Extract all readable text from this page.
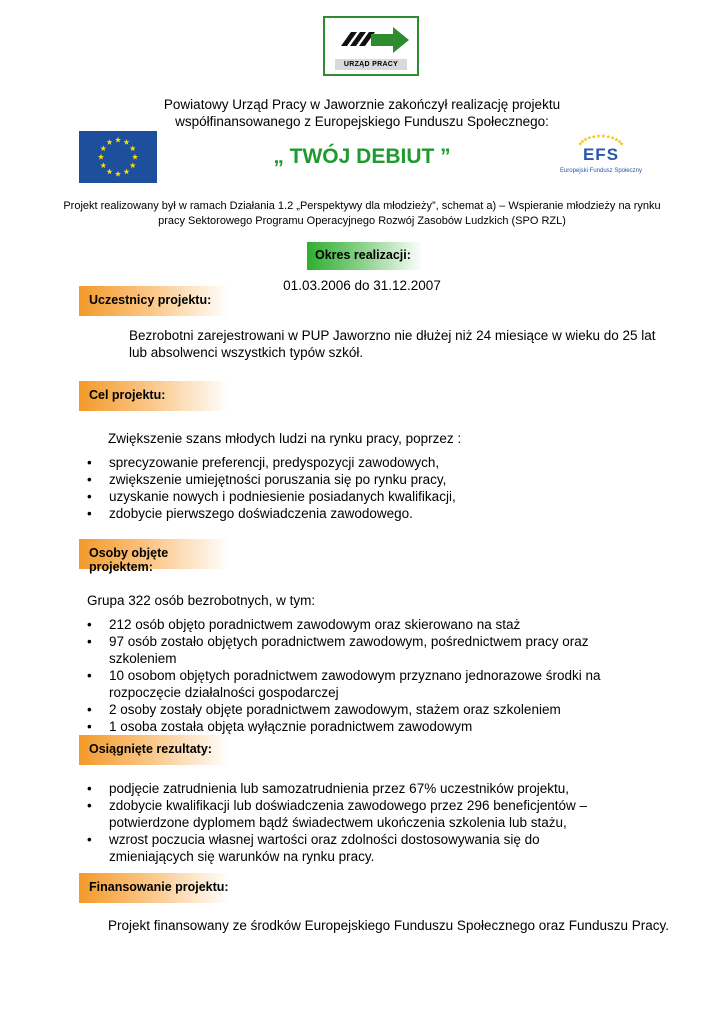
URZĄD PRACY
Powiatowy Urząd Pracy w Jaworznie zakończył realizację projektu
współfinansowanego z Europejskiego Funduszu Społecznego:
„ TWÓJ DEBIUT ”	EFS
Europejski Fundusz Społeczny
Projekt realizowany był w ramach Działania 1.2 „Perspektywy dla młodzieży”, schemat a) – Wspieranie młodzieży na rynku
pracy Sektorowego Programu Operacyjnego Rozwój Zasobów Ludzkich (SPO RZL)
Okres realizacji:
01.03.2006 do 31.12.2007
Uczestnicy projektu:
Bezrobotni zarejestrowani w PUP Jaworzno nie dłużej niż 24 miesiące w wieku do 25 lat
lub absolwenci wszystkich typów szkół.
Cel projektu:
Zwiększenie szans młodych ludzi na rynku pracy, poprzez :
• sprecyzowanie preferencji, predyspozycji zawodowych,
• zwiększenie umiejętności poruszania się po rynku pracy,
• uzyskanie nowych i podniesienie posiadanych kwalifikacji,
• zdobycie pierwszego doświadczenia zawodowego.
Osoby objęte projektem:
Grupa 322 osób bezrobotnych, w tym:
• 212 osób objęto poradnictwem zawodowym oraz skierowano na staż
• 97 osób zostało objętych poradnictwem zawodowym, pośrednictwem pracy oraz szkoleniem
• 10 osobom objętych poradnictwem zawodowym przyznano jednorazowe środki na rozpoczęcie działalności gospodarczej
• 2 osoby zostały objęte poradnictwem zawodowym, stażem oraz szkoleniem
• 1 osoba została objęta wyłącznie poradnictwem zawodowym
Osiągnięte rezultaty:
• podjęcie zatrudnienia lub samozatrudnienia przez 67% uczestników projektu,
• zdobycie kwalifikacji lub doświadczenia zawodowego przez 296 beneficjentów – potwierdzone dyplomem bądź świadectwem ukończenia szkolenia lub stażu,
• wzrost poczucia własnej wartości oraz zdolności dostosowywania się do zmieniających się warunków na rynku pracy.
Finansowanie projektu:
Projekt finansowany ze środków Europejskiego Funduszu Społecznego oraz Funduszu Pracy.
